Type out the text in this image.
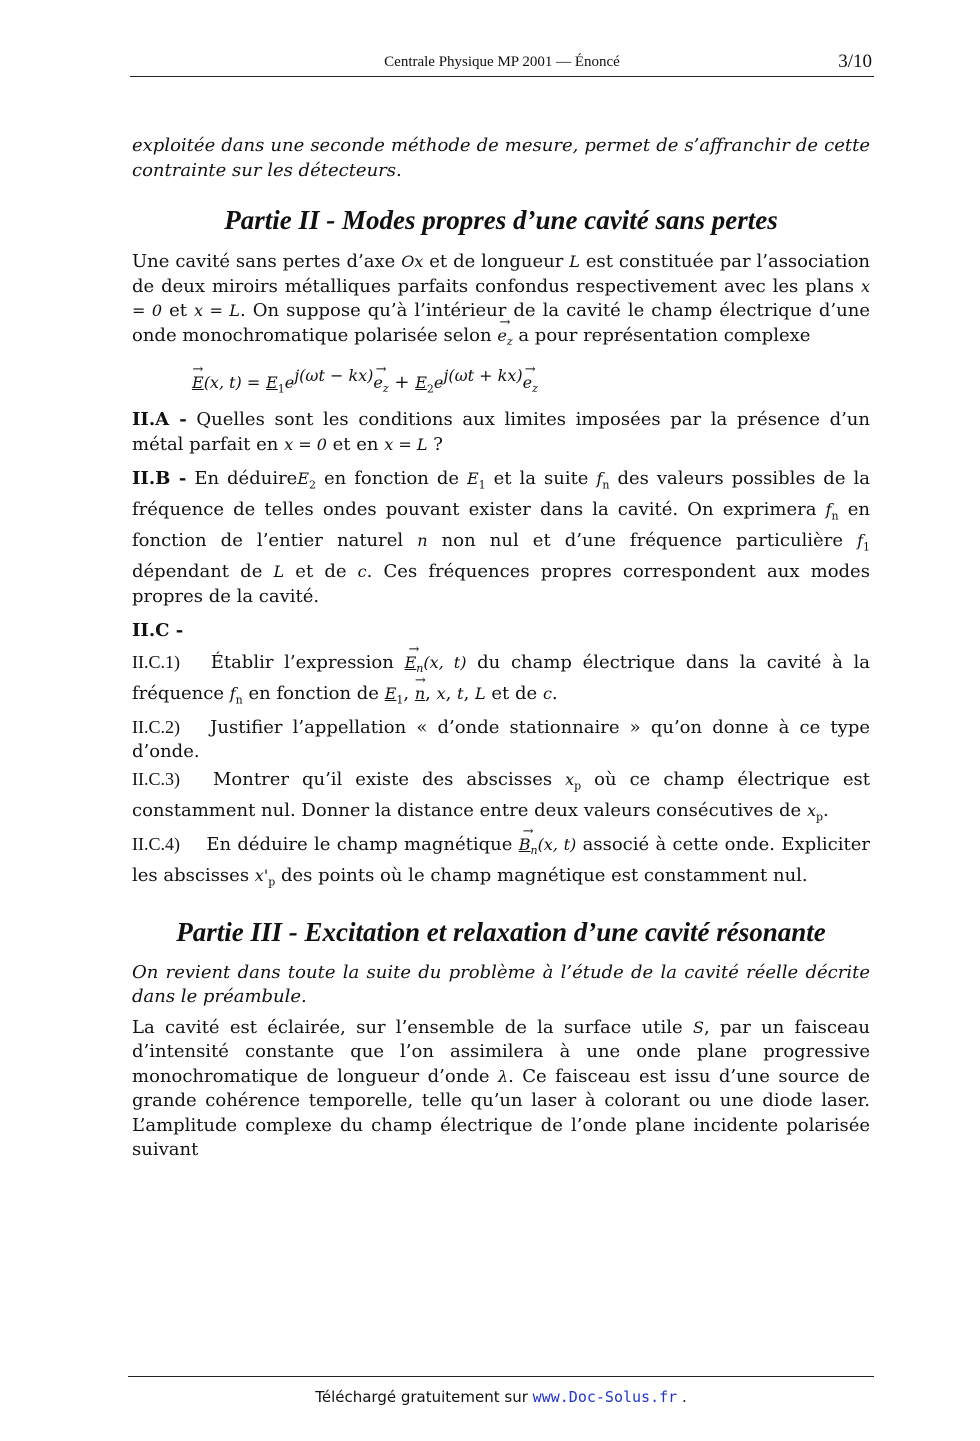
Centrale Physique MP 2001 — Énoncé	3/10

exploitée dans une seconde méthode de mesure, permet de s’affranchir de cette contrainte sur les détecteurs.

Partie II - Modes propres d’une cavité sans pertes

Une cavité sans pertes d’axe Ox et de longueur L est constituée par l’association de deux miroirs métalliques parfaits confondus respectivement avec les plans x = 0 et x = L. On suppose qu’à l’intérieur de la cavité le champ électrique d’une onde monochromatique polarisée selon → $e_z$ a pour représentation complexe

→ E(x, $t) = E_1e^{j(\omega t - kx)}\to e_z + E_2e^{j(\omega t + kx)}\to e_z$

II.A - Quelles sont les conditions aux limites imposées par la présence d’un métal parfait en x = 0 et en x = L ?

II.B - En déduireE$_2$ en fonction de $E_1$ et la suite $f_n$ des valeurs possibles de la fréquence de telles ondes pouvant exister dans la cavité. On exprimera $f_n$ en fonction de l’entier naturel n non nul et d’une fréquence particulière $f_1$ dépendant de L et de c. Ces fréquences propres correspondent aux modes propres de la cavité.

II.C -

II.C.1) Établir l’expression → $E_n(x$, t) du champ électrique dans la cavité à la fréquence $f_n$ en fonction de $E_1$, → n, x, t, L et de c.

II.C.2) Justifier l’appellation « d’onde stationnaire » qu’on donne à ce type d’onde.

II.C.3) Montrer qu’il existe des abscisses $x_p$ où ce champ électrique est constamment nul. Donner la distance entre deux valeurs consécutives de $x_p$.

II.C.4) En déduire le champ magnétique → $B_n(x$, t) associé à cette onde. Expliciter les abscisses $x'_p$ des points où le champ magnétique est constamment nul.

Partie III - Excitation et relaxation d’une cavité résonante

On revient dans toute la suite du problème à l’étude de la cavité réelle décrite dans le préambule.

La cavité est éclairée, sur l’ensemble de la surface utile S, par un faisceau d’intensité constante que l’on assimilera à une onde plane progressive monochromatique de longueur d’onde λ. Ce faisceau est issu d’une source de grande cohérence temporelle, telle qu’un laser à colorant ou une diode laser. L’amplitude complexe du champ électrique de l’onde plane incidente polarisée suivant

Téléchargé gratuitement sur www.Doc-Solus.fr .
